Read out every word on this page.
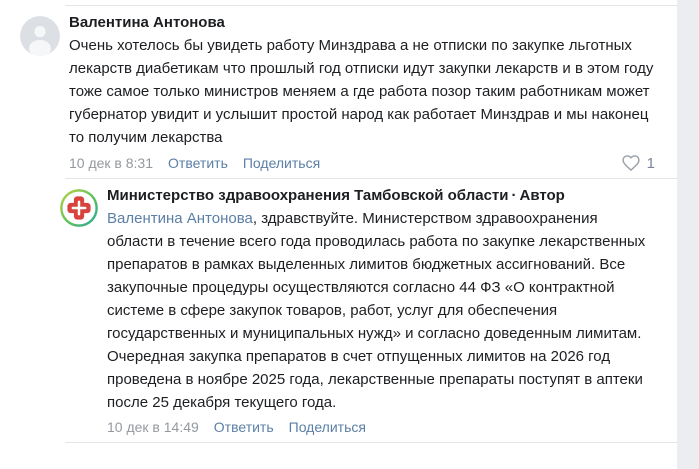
Валентина Антонова
Очень хотелось бы увидеть работу Минздрава а не отписки по закупке льготных лекарств диабетикам что прошлый год отписки идут закупки лекарств и в этом году тоже самое только министров меняем а где работа позор таким работникам может губернатор увидит и услышит простой народ как работает Минздрав и мы наконец то получим лекарства
10 дек в 8:31 Ответить Поделиться	1
Министерство здравоохранения Тамбовской области · Автор
Валентина Антонова, здравствуйте. Министерством здравоохранения области в течение всего года проводилась работа по закупке лекарственных препаратов в рамках выделенных лимитов бюджетных ассигнований. Все закупочные процедуры осуществляются согласно 44 ФЗ «О контрактной системе в сфере закупок товаров, работ, услуг для обеспечения государственных и муниципальных нужд» и согласно доведенным лимитам. Очередная закупка препаратов в счет отпущенных лимитов на 2026 год проведена в ноябре 2025 года, лекарственные препараты поступят в аптеки после 25 декабря текущего года.
10 дек в 14:49 Ответить Поделиться
